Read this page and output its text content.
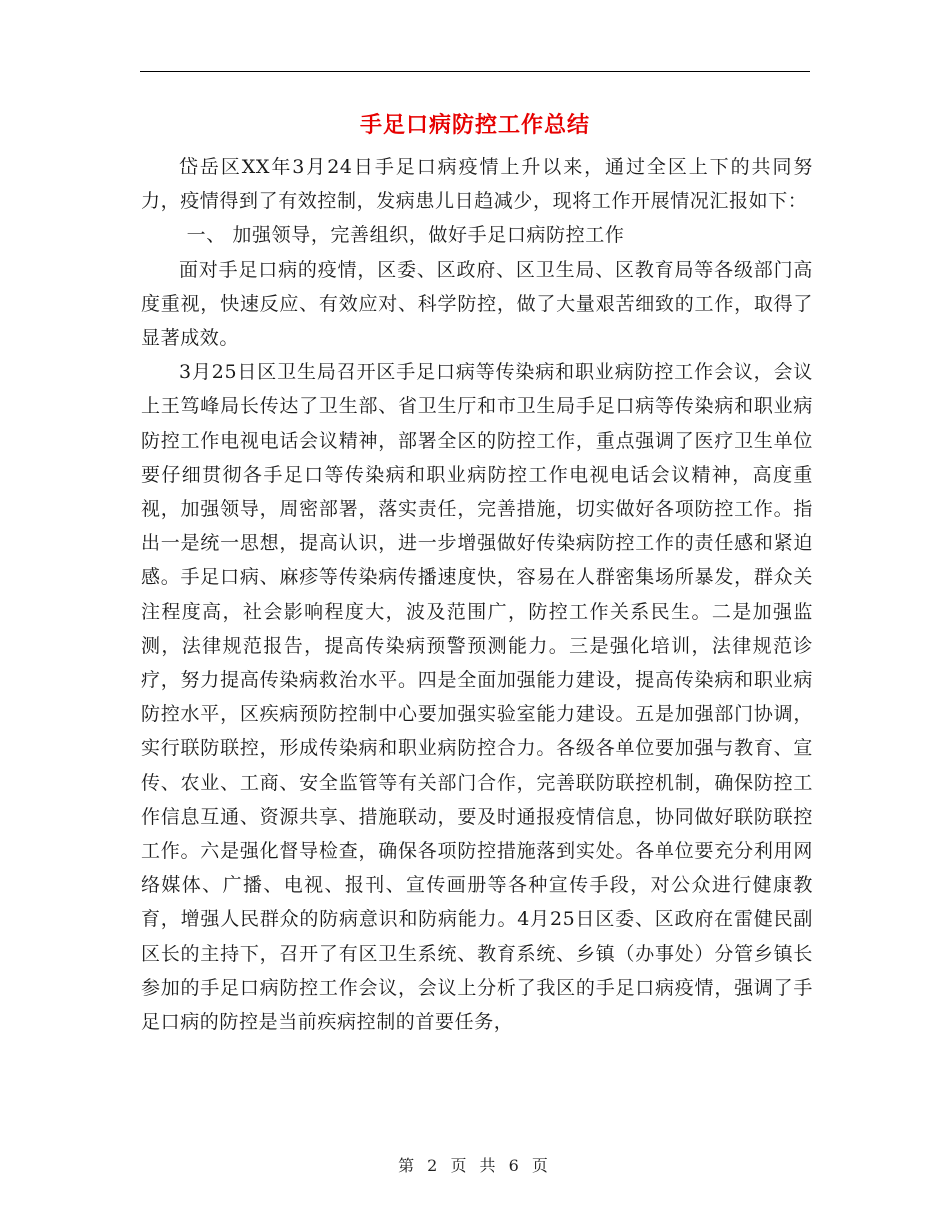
手足口病防控工作总结

岱岳区XX年3月24日手足口病疫情上升以来，通过全区上下的共同努力，疫情得到了有效控制，发病患儿日趋减少，现将工作开展情况汇报如下：

一、 加强领导，完善组织，做好手足口病防控工作

面对手足口病的疫情，区委、区政府、区卫生局、区教育局等各级部门高度重视，快速反应、有效应对、科学防控，做了大量艰苦细致的工作，取得了显著成效。

3月25日区卫生局召开区手足口病等传染病和职业病防控工作会议，会议上王笃峰局长传达了卫生部、省卫生厅和市卫生局手足口病等传染病和职业病防控工作电视电话会议精神，部署全区的防控工作，重点强调了医疗卫生单位要仔细贯彻各手足口等传染病和职业病防控工作电视电话会议精神，高度重视，加强领导，周密部署，落实责任，完善措施，切实做好各项防控工作。指出一是统一思想，提高认识，进一步增强做好传染病防控工作的责任感和紧迫感。手足口病、麻疹等传染病传播速度快，容易在人群密集场所暴发，群众关注程度高，社会影响程度大，波及范围广，防控工作关系民生。二是加强监测，法律规范报告，提高传染病预警预测能力。三是强化培训，法律规范诊疗，努力提高传染病救治水平。四是全面加强能力建设，提高传染病和职业病防控水平，区疾病预防控制中心要加强实验室能力建设。五是加强部门协调，实行联防联控，形成传染病和职业病防控合力。各级各单位要加强与教育、宣传、农业、工商、安全监管等有关部门合作，完善联防联控机制，确保防控工作信息互通、资源共享、措施联动，要及时通报疫情信息，协同做好联防联控工作。六是强化督导检查，确保各项防控措施落到实处。各单位要充分利用网络媒体、广播、电视、报刊、宣传画册等各种宣传手段，对公众进行健康教育，增强人民群众的防病意识和防病能力。4月25日区委、区政府在雷健民副区长的主持下，召开了有区卫生系统、教育系统、乡镇（办事处）分管乡镇长参加的手足口病防控工作会议，会议上分析了我区的手足口病疫情，强调了手足口病的防控是当前疾病控制的首要任务，

第 2 页 共 6 页
